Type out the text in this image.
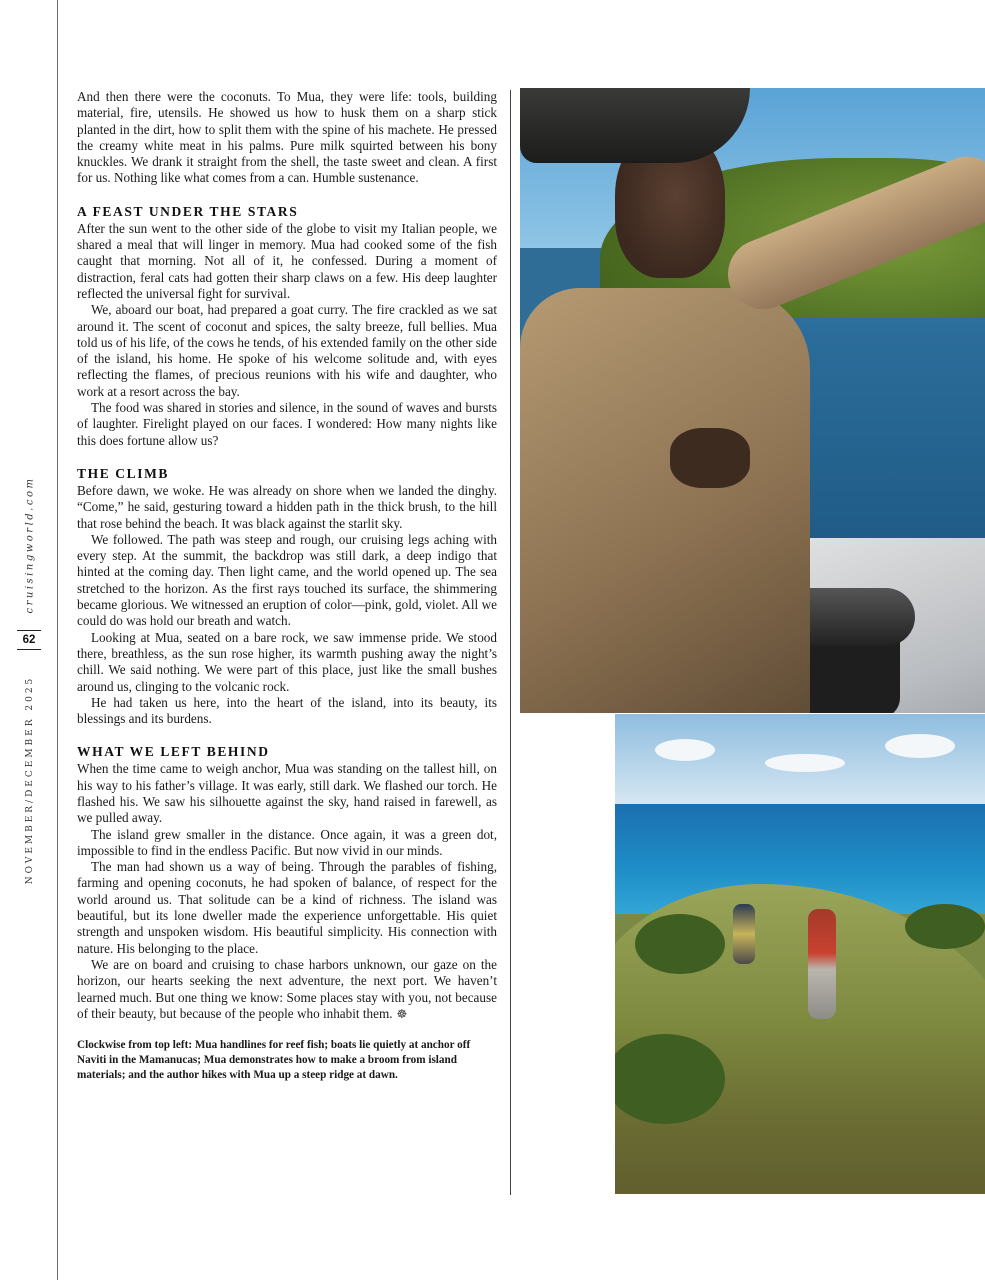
cruisingworld.com
62
NOVEMBER/DECEMBER 2025

And then there were the coconuts. To Mua, they were life: tools, building material, fire, utensils. He showed us how to husk them on a sharp stick planted in the dirt, how to split them with the spine of his machete. He pressed the creamy white meat in his palms. Pure milk squirted between his bony knuckles. We drank it straight from the shell, the taste sweet and clean. A first for us. Nothing like what comes from a can. Humble sustenance.

A FEAST UNDER THE STARS

After the sun went to the other side of the globe to visit my Italian people, we shared a meal that will linger in memory. Mua had cooked some of the fish caught that morning. Not all of it, he confessed. During a moment of distraction, feral cats had gotten their sharp claws on a few. His deep laughter reflected the universal fight for survival.

We, aboard our boat, had prepared a goat curry. The fire crackled as we sat around it. The scent of coconut and spices, the salty breeze, full bellies. Mua told us of his life, of the cows he tends, of his extended family on the other side of the island, his home. He spoke of his welcome solitude and, with eyes reflecting the flames, of precious reunions with his wife and daughter, who work at a resort across the bay.

The food was shared in stories and silence, in the sound of waves and bursts of laughter. Firelight played on our faces. I wondered: How many nights like this does fortune allow us?

THE CLIMB

Before dawn, we woke. He was already on shore when we landed the dinghy. “Come,” he said, gesturing toward a hidden path in the thick brush, to the hill that rose behind the beach. It was black against the starlit sky.

We followed. The path was steep and rough, our cruising legs aching with every step. At the summit, the backdrop was still dark, a deep indigo that hinted at the coming day. Then light came, and the world opened up. The sea stretched to the horizon. As the first rays touched its surface, the shimmering became glorious. We witnessed an eruption of color—pink, gold, violet. All we could do was hold our breath and watch.

Looking at Mua, seated on a bare rock, we saw immense pride. We stood there, breathless, as the sun rose higher, its warmth pushing away the night’s chill. We said nothing. We were part of this place, just like the small bushes around us, clinging to the volcanic rock.

He had taken us here, into the heart of the island, into its beauty, its blessings and its burdens.

WHAT WE LEFT BEHIND

When the time came to weigh anchor, Mua was standing on the tallest hill, on his way to his father’s village. It was early, still dark. We flashed our torch. He flashed his. We saw his silhouette against the sky, hand raised in farewell, as we pulled away.

The island grew smaller in the distance. Once again, it was a green dot, impossible to find in the endless Pacific. But now vivid in our minds.

The man had shown us a way of being. Through the parables of fishing, farming and opening coconuts, he had spoken of balance, of respect for the world around us. That solitude can be a kind of richness. The island was beautiful, but its lone dweller made the experience unforgettable. His quiet strength and unspoken wisdom. His beautiful simplicity. His connection with nature. His belonging to the place.

We are on board and cruising to chase harbors unknown, our gaze on the horizon, our hearts seeking the next adventure, the next port. We haven’t learned much. But one thing we know: Some places stay with you, not because of their beauty, but because of the people who inhabit them. ☸

Clockwise from top left: Mua handlines for reef fish; boats lie quietly at anchor off Naviti in the Mamanucas; Mua demonstrates how to make a broom from island materials; and the author hikes with Mua up a steep ridge at dawn.
